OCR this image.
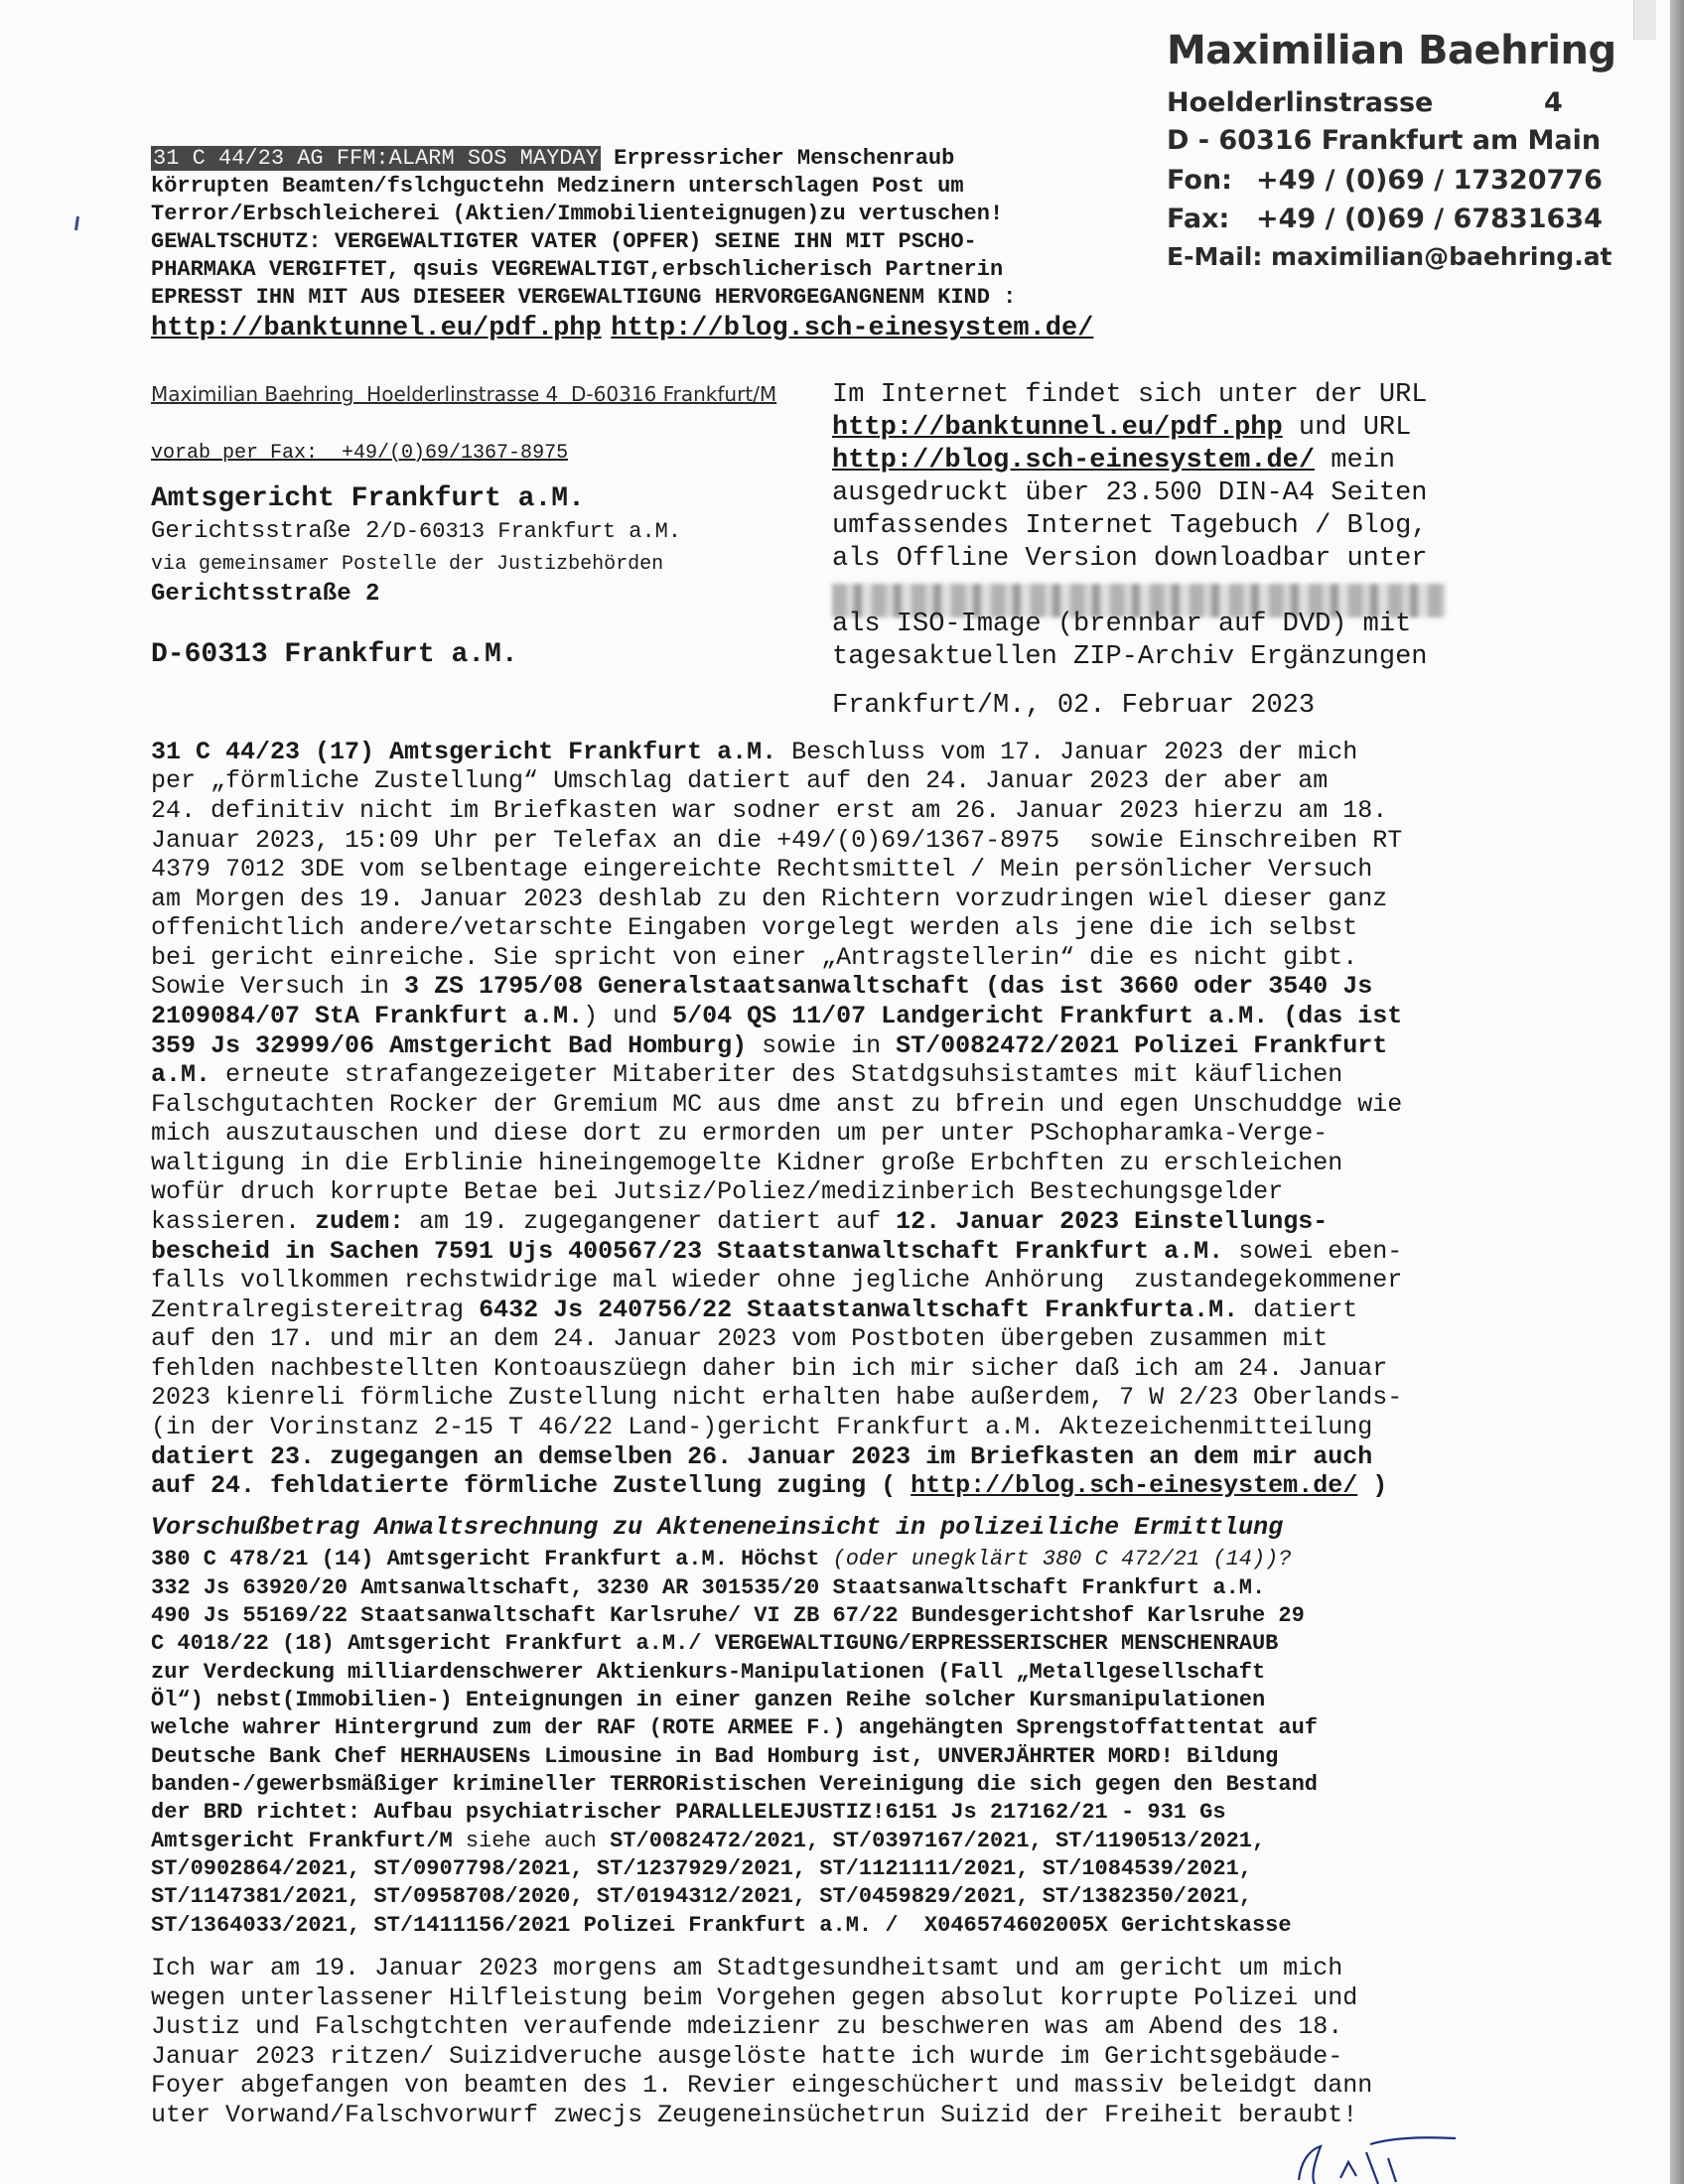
Maximilian Baehring
Hoelderlinstrasse	4
D - 60316 Frankfurt am Main
Fon: +49 / (0)69 / 17320776
Fax: +49 / (0)69 / 67831634
E-Mail: maximilian@baehring.at
31 C 44/23 AG FFM:ALARM SOS MAYDAY Erpressricher Menschenraub
körrupten Beamten/fslchguctehn Medzinern unterschlagen Post um
Terror/Erbschleicherei (Aktien/Immobilienteignugen)zu vertuschen!
GEWALTSCHUTZ: VERGEWALTIGTER VATER (OPFER) SEINE IHN MIT PSCHO-
PHARMAKA VERGIFTET, qsuis VEGREWALTIGT,erbschlicherisch Partnerin
EPRESST IHN MIT AUS DIESEER VERGEWALTIGUNG HERVORGEGANGNENM KIND :
http://banktunnel.eu/pdf.php http://blog.sch-einesystem.de/
Maximilian Baehring  Hoelderlinstrasse 4  D-60316 Frankfurt/M
vorab per Fax:  +49/(0)69/1367-8975
Amtsgericht Frankfurt a.M.
Gerichtsstraße 2/D-60313 Frankfurt a.M.
via gemeinsamer Postelle der Justizbehörden
Gerichtsstraße 2
D-60313 Frankfurt a.M.
Im Internet findet sich unter der URL
http://banktunnel.eu/pdf.php und URL
http://blog.sch-einesystem.de/ mein
ausgedruckt über 23.500 DIN-A4 Seiten
umfassendes Internet Tagebuch / Blog,
als Offline Version downloadbar unter
als ISO-Image (brennbar auf DVD) mit
tagesaktuellen ZIP-Archiv Ergänzungen
Frankfurt/M., 02. Februar 2023
31 C 44/23 (17) Amtsgericht Frankfurt a.M. Beschluss vom 17. Januar 2023 der mich
per „förmliche Zustellung“ Umschlag datiert auf den 24. Januar 2023 der aber am
24. definitiv nicht im Briefkasten war sodner erst am 26. Januar 2023 hierzu am 18.
Januar 2023, 15:09 Uhr per Telefax an die +49/(0)69/1367-8975  sowie Einschreiben RT
4379 7012 3DE vom selbentage eingereichte Rechtsmittel / Mein persönlicher Versuch
am Morgen des 19. Januar 2023 deshlab zu den Richtern vorzudringen wiel dieser ganz
offenichtlich andere/vetarschte Eingaben vorgelegt werden als jene die ich selbst
bei gericht einreiche. Sie spricht von einer „Antragstellerin“ die es nicht gibt.
Sowie Versuch in 3 ZS 1795/08 Generalstaatsanwaltschaft (das ist 3660 oder 3540 Js
2109084/07 StA Frankfurt a.M.) und 5/04 QS 11/07 Landgericht Frankfurt a.M. (das ist
359 Js 32999/06 Amstgericht Bad Homburg) sowie in ST/0082472/2021 Polizei Frankfurt
a.M. erneute strafangezeigeter Mitaberiter des Statdgsuhsistamtes mit käuflichen
Falschgutachten Rocker der Gremium MC aus dme anst zu bfrein und egen Unschuddge wie
mich auszutauschen und diese dort zu ermorden um per unter PSchopharamka-Verge-
waltigung in die Erblinie hineingemogelte Kidner große Erbchften zu erschleichen
wofür druch korrupte Betae bei Jutsiz/Poliez/medizinberich Bestechungsgelder
kassieren. zudem: am 19. zugegangener datiert auf 12. Januar 2023 Einstellungs-
bescheid in Sachen 7591 Ujs 400567/23 Staatstanwaltschaft Frankfurt a.M. sowei eben-
falls vollkommen rechstwidrige mal wieder ohne jegliche Anhörung  zustandegekommener
Zentralregistereitrag 6432 Js 240756/22 Staatstanwaltschaft Frankfurta.M. datiert
auf den 17. und mir an dem 24. Januar 2023 vom Postboten übergeben zusammen mit
fehlden nachbestellten Kontoauszüegn daher bin ich mir sicher daß ich am 24. Januar
2023 kienreli förmliche Zustellung nicht erhalten habe außerdem, 7 W 2/23 Oberlands-
(in der Vorinstanz 2-15 T 46/22 Land-)gericht Frankfurt a.M. Aktezeichenmitteilung
datiert 23. zugegangen an demselben 26. Januar 2023 im Briefkasten an dem mir auch
auf 24. fehldatierte förmliche Zustellung zuging ( http://blog.sch-einesystem.de/ )
Vorschußbetrag Anwaltsrechnung zu Akteneneinsicht in polizeiliche Ermittlung
380 C 478/21 (14) Amtsgericht Frankfurt a.M. Höchst (oder unegklärt 380 C 472/21 (14))?
332 Js 63920/20 Amtsanwaltschaft, 3230 AR 301535/20 Staatsanwaltschaft Frankfurt a.M.
490 Js 55169/22 Staatsanwaltschaft Karlsruhe/ VI ZB 67/22 Bundesgerichtshof Karlsruhe 29
C 4018/22 (18) Amtsgericht Frankfurt a.M./ VERGEWALTIGUNG/ERPRESSERISCHER MENSCHENRAUB
zur Verdeckung milliardenschwerer Aktienkurs-Manipulationen (Fall „Metallgesellschaft
Öl“) nebst(Immobilien-) Enteignungen in einer ganzen Reihe solcher Kursmanipulationen
welche wahrer Hintergrund zum der RAF (ROTE ARMEE F.) angehängten Sprengstoffattentat auf
Deutsche Bank Chef HERHAUSENs Limousine in Bad Homburg ist, UNVERJÄHRTER MORD! Bildung
banden-/gewerbsmäßiger krimineller TERRORistischen Vereinigung die sich gegen den Bestand
der BRD richtet: Aufbau psychiatrischer PARALLELEJUSTIZ!6151 Js 217162/21 - 931 Gs
Amtsgericht Frankfurt/M siehe auch ST/0082472/2021, ST/0397167/2021, ST/1190513/2021,
ST/0902864/2021, ST/0907798/2021, ST/1237929/2021, ST/1121111/2021, ST/1084539/2021,
ST/1147381/2021, ST/0958708/2020, ST/0194312/2021, ST/0459829/2021, ST/1382350/2021,
ST/1364033/2021, ST/1411156/2021 Polizei Frankfurt a.M. /  X046574602005X Gerichtskasse
Ich war am 19. Januar 2023 morgens am Stadtgesundheitsamt und am gericht um mich
wegen unterlassener Hilfleistung beim Vorgehen gegen absolut korrupte Polizei und
Justiz und Falschgtchten veraufende mdeizienr zu beschweren was am Abend des 18.
Januar 2023 ritzen/ Suizidveruche ausgelöste hatte ich wurde im Gerichtsgebäude-
Foyer abgefangen von beamten des 1. Revier eingeschüchert und massiv beleidgt dann
uter Vorwand/Falschvorwurf zwecjs Zeugeneinsüchetrun Suizid der Freiheit beraubt!
